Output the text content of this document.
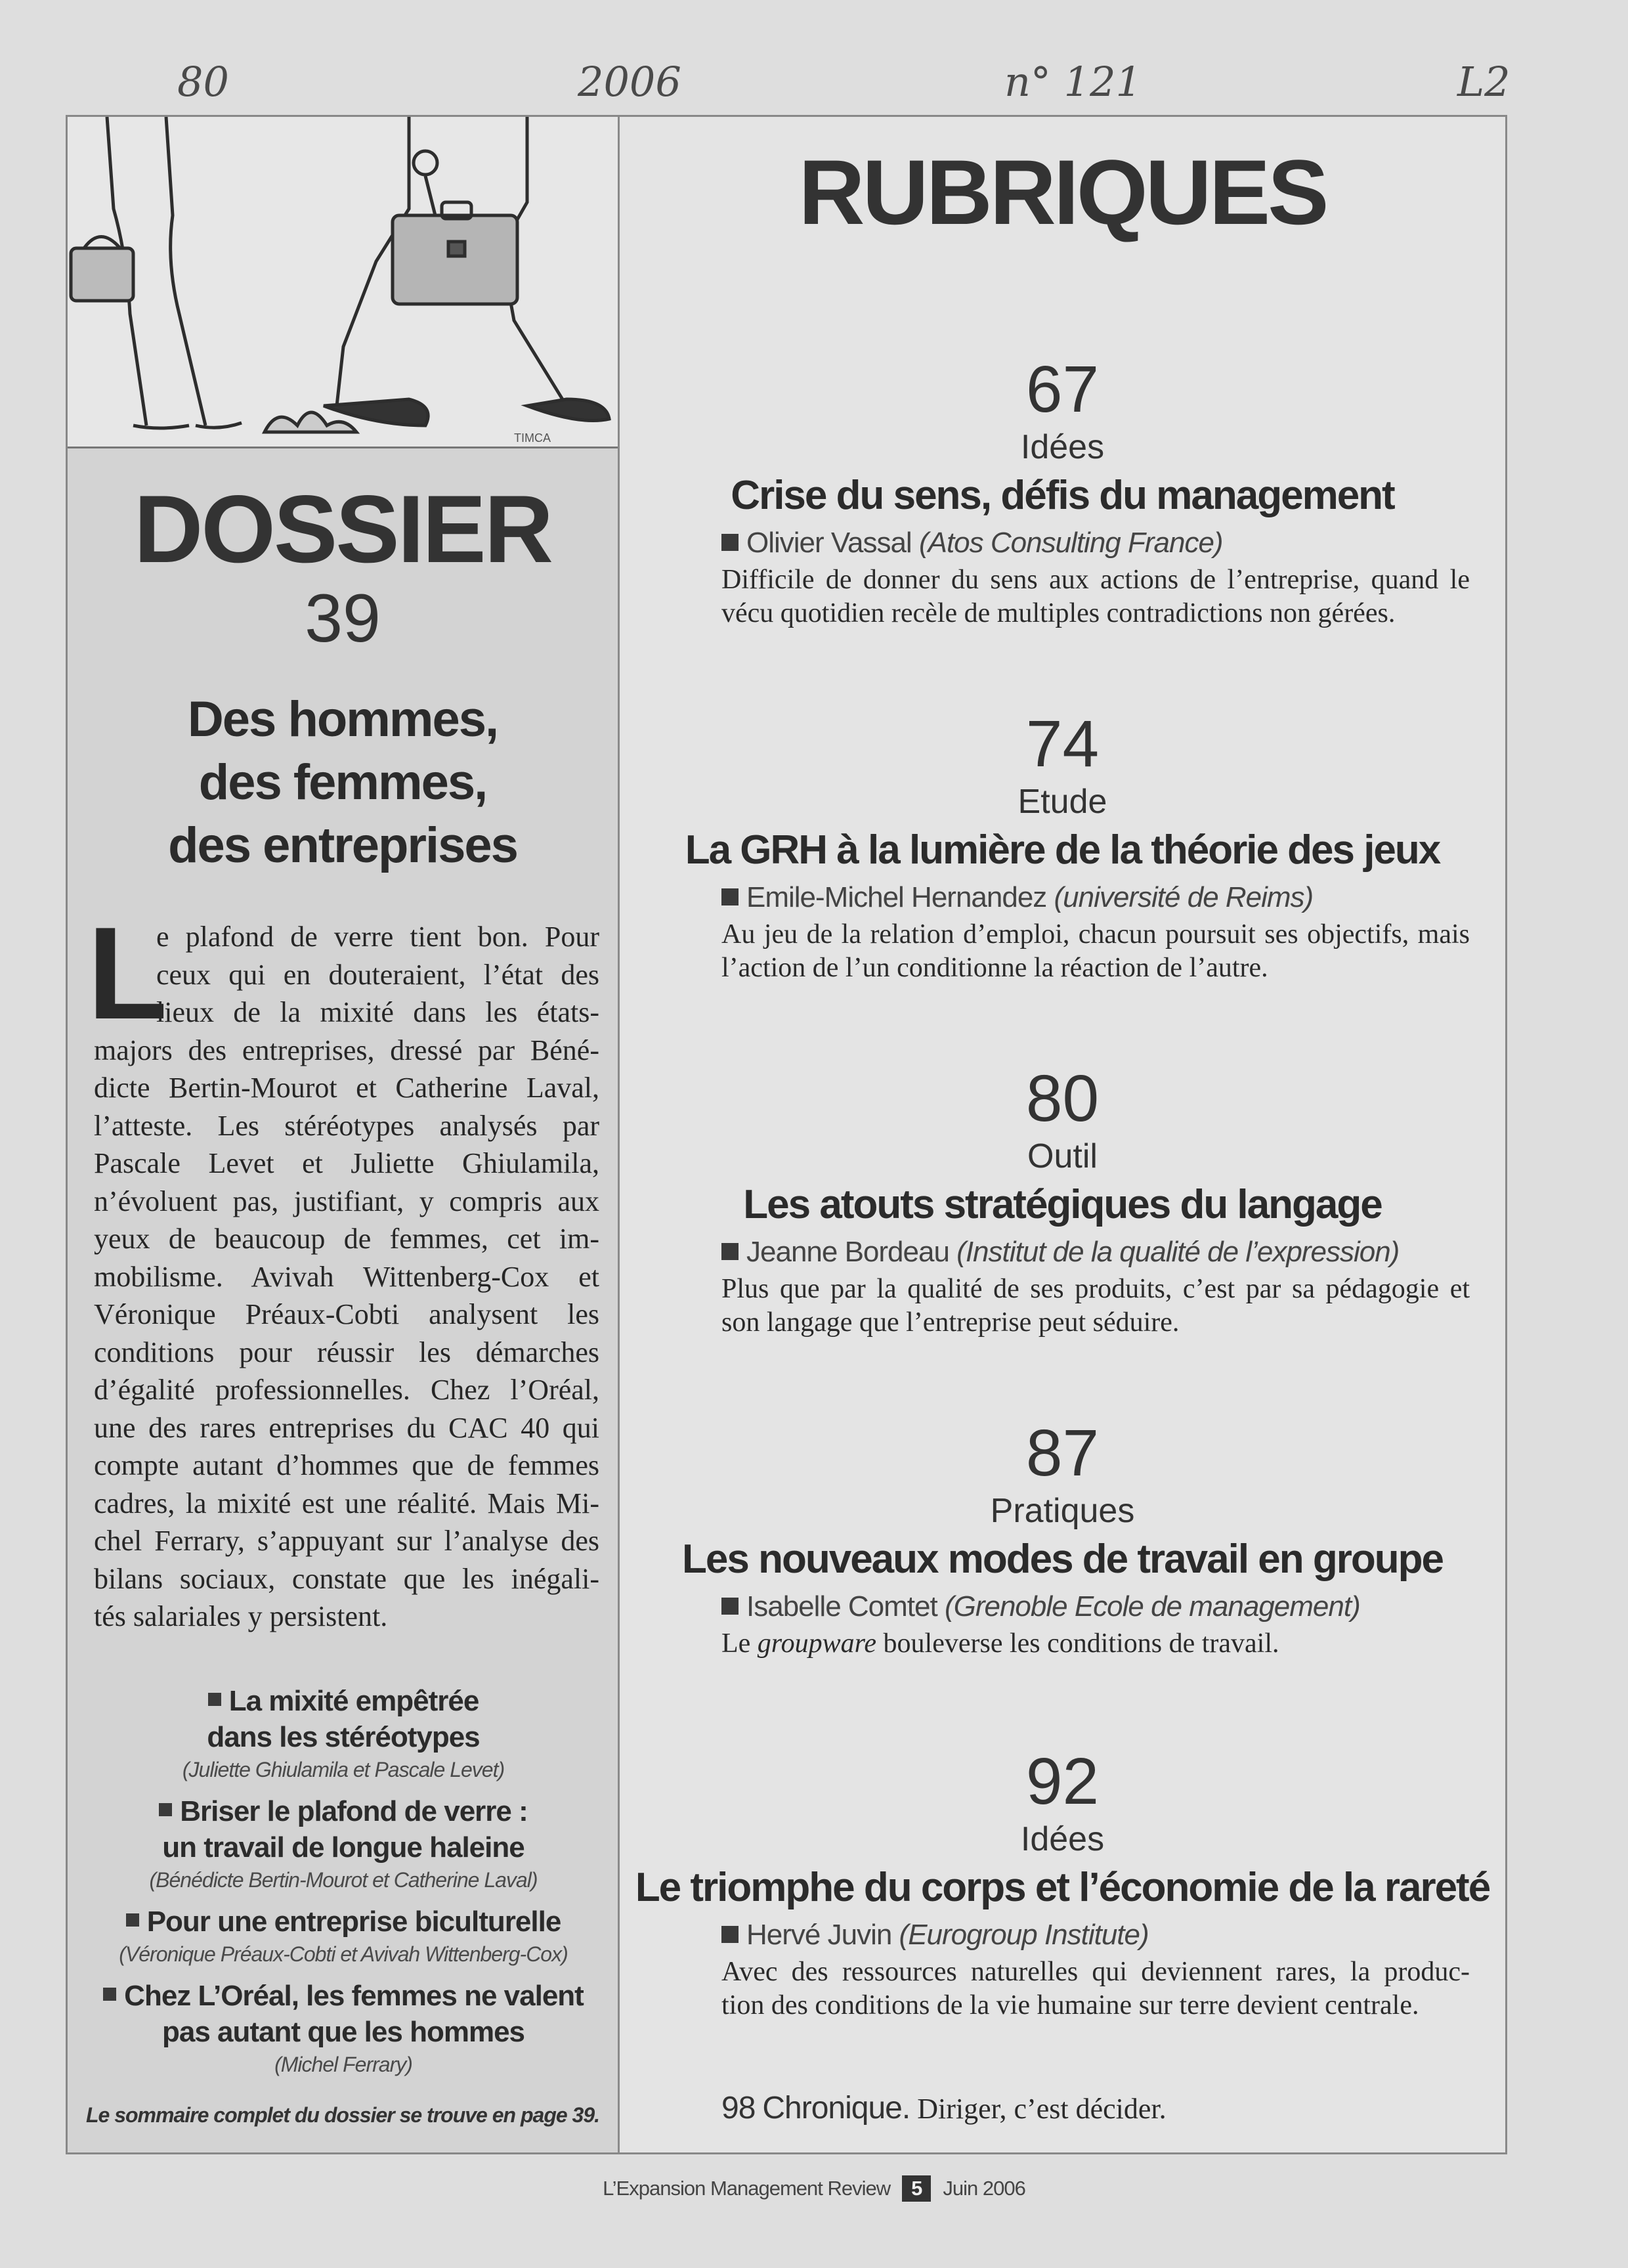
80	2006	n° 121	L2
TIMCA
DOSSIER
39
Des hommes,
des femmes,
des entreprises
L
e plafond de verre tient bon. Pour
ceux qui en douteraient, l’état des
lieux de la mixité dans les états-
majors des entreprises, dressé par Béné-
dicte Bertin-Mourot et Catherine Laval,
l’atteste. Les stéréotypes analysés par
Pascale Levet et Juliette Ghiulamila,
n’évoluent pas, justifiant, y compris aux
yeux de beaucoup de femmes, cet im-
mobilisme. Avivah Wittenberg-Cox et
Véronique Préaux-Cobti analysent les
conditions pour réussir les démarches
d’égalité professionnelles. Chez l’Oréal,
une des rares entreprises du CAC 40 qui
compte autant d’hommes que de femmes
cadres, la mixité est une réalité. Mais Mi-
chel Ferrary, s’appuyant sur l’analyse des
bilans sociaux, constate que les inégali-
tés salariales y persistent.
La mixité empêtrée
dans les stéréotypes
(Juliette Ghiulamila et Pascale Levet)
Briser le plafond de verre :
un travail de longue haleine
(Bénédicte Bertin-Mourot et Catherine Laval)
Pour une entreprise biculturelle
(Véronique Préaux-Cobti et Avivah Wittenberg-Cox)
Chez L’Oréal, les femmes ne valent
pas autant que les hommes
(Michel Ferrary)
Le sommaire complet du dossier se trouve en page 39.
RUBRIQUES
67
Idées
Crise du sens, défis du management
Olivier Vassal (Atos Consulting France)
Difficile de donner du sens aux actions de l’entreprise, quand le
vécu quotidien recèle de multiples contradictions non gérées.
74
Etude
La GRH à la lumière de la théorie des jeux
Emile-Michel Hernandez (université de Reims)
Au jeu de la relation d’emploi, chacun poursuit ses objectifs, mais
l’action de l’un conditionne la réaction de l’autre.
80
Outil
Les atouts stratégiques du langage
Jeanne Bordeau (Institut de la qualité de l’expression)
Plus que par la qualité de ses produits, c’est par sa pédagogie et
son langage que l’entreprise peut séduire.
87
Pratiques
Les nouveaux modes de travail en groupe
Isabelle Comtet (Grenoble Ecole de management)
Le groupware bouleverse les conditions de travail.
92
Idées
Le triomphe du corps et l’économie de la rareté
Hervé Juvin (Eurogroup Institute)
Avec des ressources naturelles qui deviennent rares, la produc-
tion des conditions de la vie humaine sur terre devient centrale.
98 Chronique. Diriger, c’est décider.
L’Expansion Management Review 5 Juin 2006
